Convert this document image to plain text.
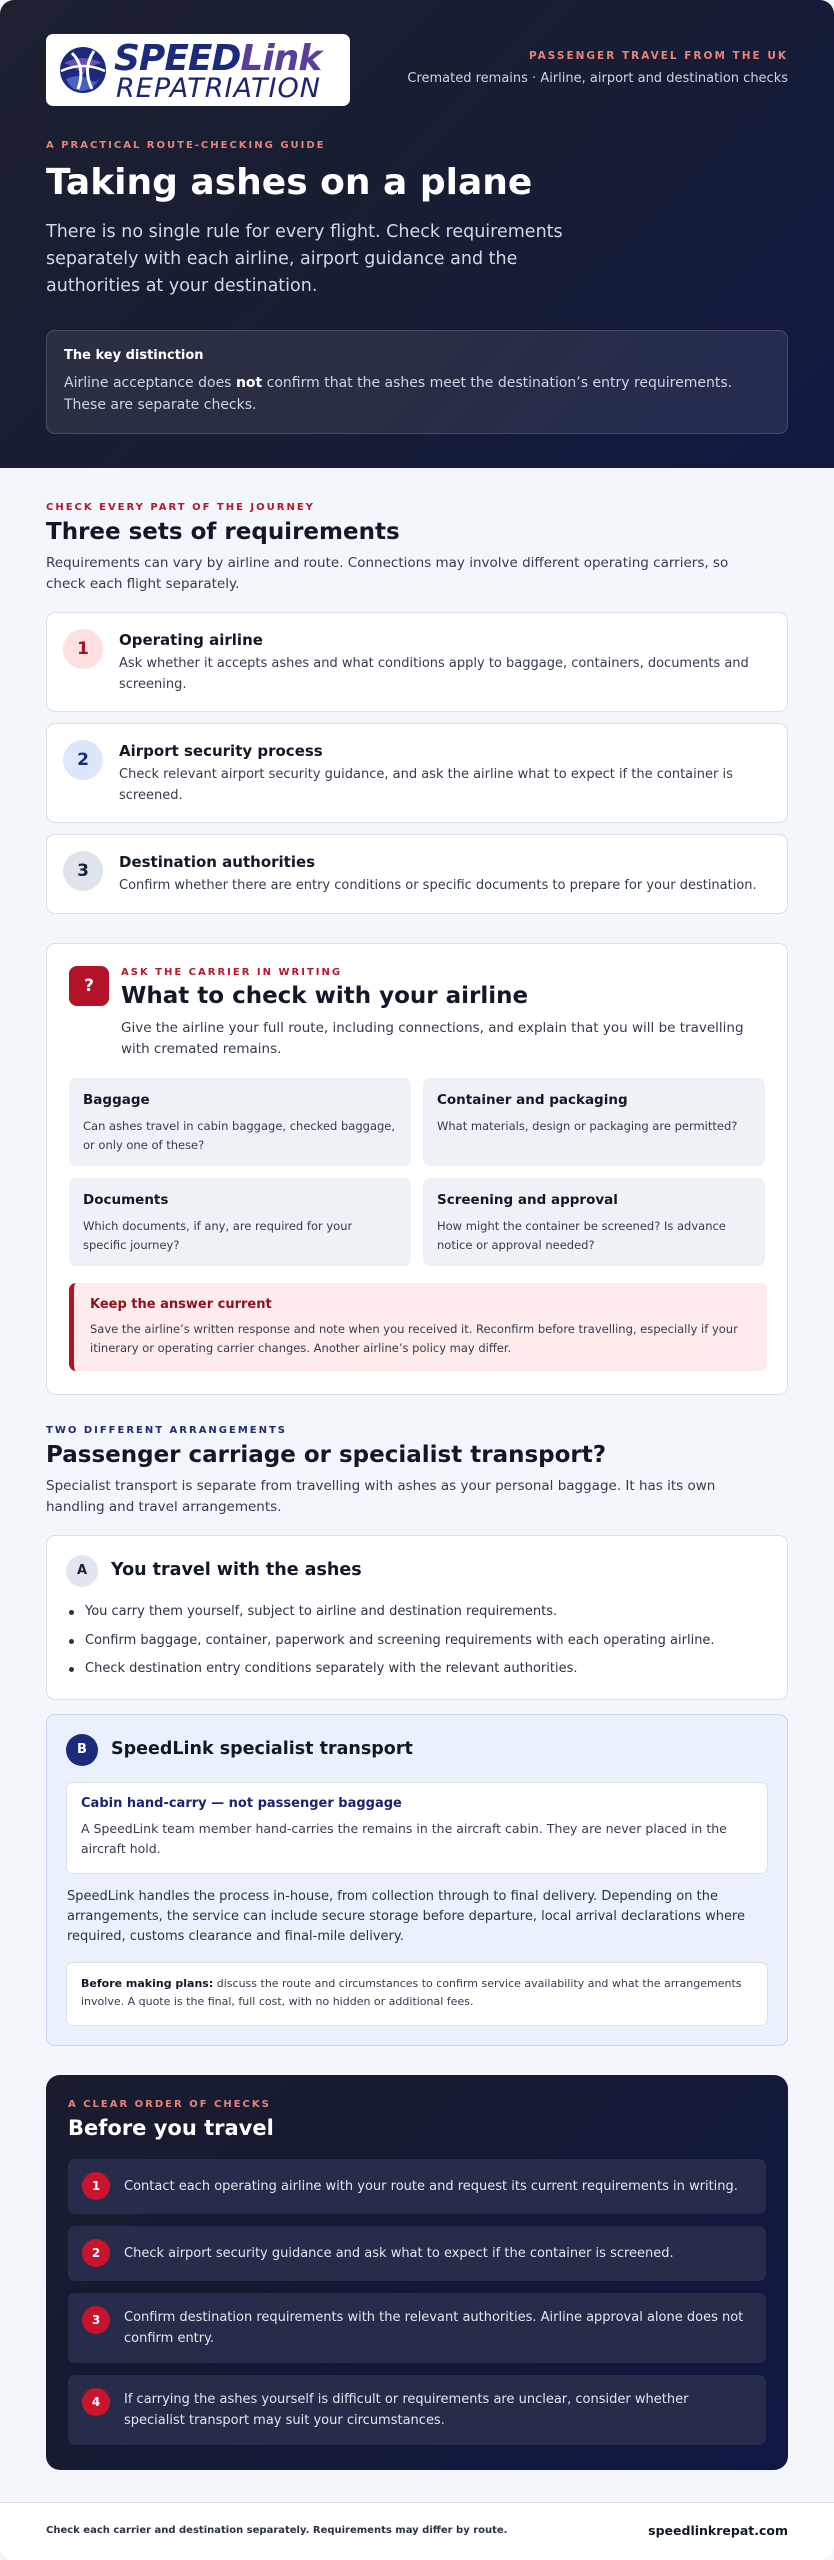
SPEEDLink
REPATRIATION
PASSENGER TRAVEL FROM THE UK
Cremated remains · Airline, airport and destination checks
A PRACTICAL ROUTE-CHECKING GUIDE
Taking ashes on a plane

There is no single rule for every flight. Check requirements separately with each airline, airport guidance and the authorities at your destination.

The key distinction
Airline acceptance does not confirm that the ashes meet the destination’s entry requirements. These are separate checks.
CHECK EVERY PART OF THE JOURNEY
Three sets of requirements

Requirements can vary by airline and route. Connections may involve different operating carriers, so check each flight separately.

1	Operating airline
Ask whether it accepts ashes and what conditions apply to baggage, containers, documents and screening.
2	Airport security process
Check relevant airport security guidance, and ask the airline what to expect if the container is screened.
3	Destination authorities
Confirm whether there are entry conditions or specific documents to prepare for your destination.
?
ASK THE CARRIER IN WRITING
What to check with your airline

Give the airline your full route, including connections, and explain that you will be travelling with cremated remains.

Baggage
Can ashes travel in cabin baggage, checked baggage, or only one of these?
Container and packaging
What materials, design or packaging are permitted?
Documents
Which documents, if any, are required for your specific journey?
Screening and approval
How might the container be screened? Is advance notice or approval needed?
Keep the answer current
Save the airline’s written response and note when you received it. Reconfirm before travelling, especially if your itinerary or operating carrier changes. Another airline’s policy may differ.
TWO DIFFERENT ARRANGEMENTS
Passenger carriage or specialist transport?

Specialist transport is separate from travelling with ashes as your personal baggage. It has its own handling and travel arrangements.

A	You travel with the ashes
You carry them yourself, subject to airline and destination requirements.
Confirm baggage, container, paperwork and screening requirements with each operating airline.
Check destination entry conditions separately with the relevant authorities.
B	SpeedLink specialist transport
Cabin hand-carry — not passenger baggage
A SpeedLink team member hand-carries the remains in the aircraft cabin. They are never placed in the aircraft hold.

SpeedLink handles the process in-house, from collection through to final delivery. Depending on the arrangements, the service can include secure storage before departure, local arrival declarations where required, customs clearance and final-mile delivery.

Before making plans: discuss the route and circumstances to confirm service availability and what the arrangements involve. A quote is the final, full cost, with no hidden or additional fees.
A CLEAR ORDER OF CHECKS
Before you travel
1	Contact each operating airline with your route and request its current requirements in writing.
2	Check airport security guidance and ask what to expect if the container is screened.
3	Confirm destination requirements with the relevant authorities. Airline approval alone does not confirm entry.
4	If carrying the ashes yourself is difficult or requirements are unclear, consider whether specialist transport may suit your circumstances.
Check each carrier and destination separately. Requirements may differ by route.	speedlinkrepat.com
